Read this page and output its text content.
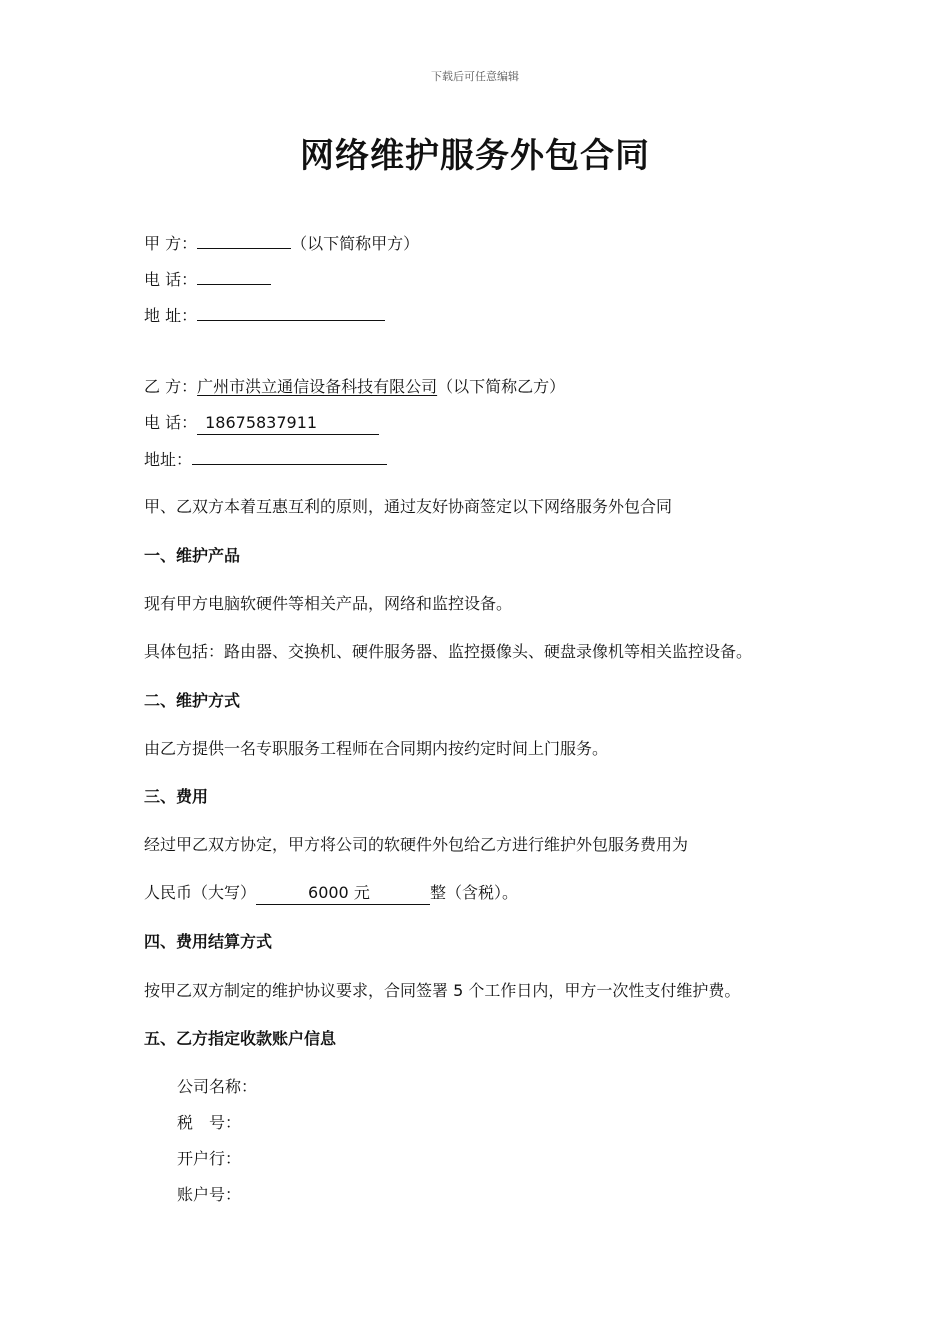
下载后可任意编辑
网络维护服务外包合同
甲 方：	（以下简称甲方）
电 话：
地 址：
乙 方：广州市洪立通信设备科技有限公司（以下简称乙方）
电 话： 18675837911
地址：
甲、乙双方本着互惠互利的原则，通过友好协商签定以下网络服务外包合同
一、维护产品
现有甲方电脑软硬件等相关产品，网络和监控设备。
具体包括：路由器、交换机、硬件服务器、监控摄像头、硬盘录像机等相关监控设备。
二、维护方式
由乙方提供一名专职服务工程师在合同期内按约定时间上门服务。
三、费用
经过甲乙双方协定，甲方将公司的软硬件外包给乙方进行维护外包服务费用为
人民币（大写）	6000 元	整（含税）。
四、费用结算方式
按甲乙双方制定的维护协议要求，合同签署 5 个工作日内，甲方一次性支付维护费。
五、乙方指定收款账户信息
公司名称：
税　号：
开户行：
账户号：
